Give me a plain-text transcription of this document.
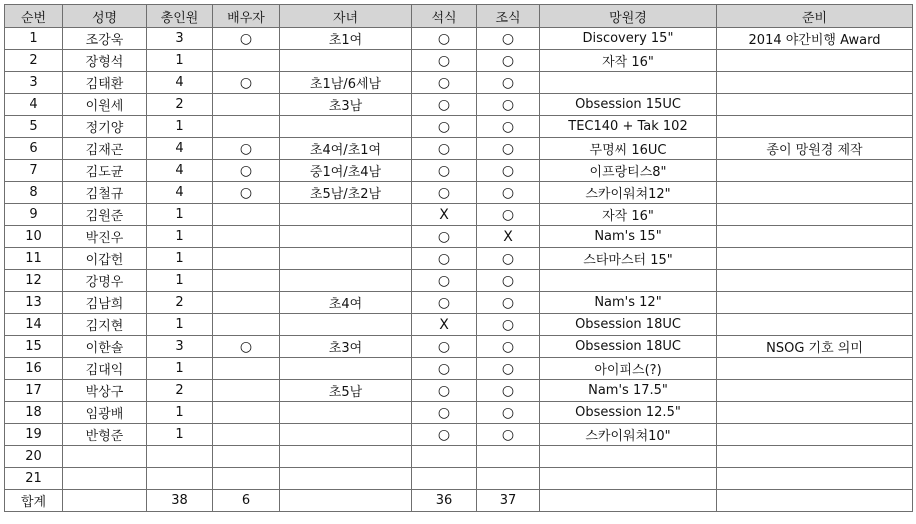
순번	성명	총인원	배우자	자녀	석식	조식	망원경	준비
1	조강욱	3	○	초1여	○	○	Discovery 15"	2014 야간비행 Award
2	장형석	1			○	○	자작 16"	
3	김태환	4	○	초1남/6세남	○	○		
4	이원세	2		초3남	○	○	Obsession 15UC	
5	정기양	1			○	○	TEC140 + Tak 102	
6	김재곤	4	○	초4여/초1여	○	○	무명씨 16UC	종이 망원경 제작
7	김도균	4	○	중1여/초4남	○	○	이프랑티스8"	
8	김철규	4	○	초5남/초2남	○	○	스카이워쳐12"	
9	김원준	1			X	○	자작 16"	
10	박진우	1			○	X	Nam's 15"	
11	이갑헌	1			○	○	스타마스터 15"	
12	강명우	1			○	○		
13	김남희	2		초4여	○	○	Nam's 12"	
14	김지현	1			X	○	Obsession 18UC	
15	이한솔	3	○	초3여	○	○	Obsession 18UC	NSOG 기호 의미
16	김대익	1			○	○	아이피스(?)	
17	박상구	2		초5남	○	○	Nam's 17.5"	
18	임광배	1			○	○	Obsession 12.5"	
19	반형준	1			○	○	스카이워쳐10"	
20								
21								
합계		38	6		36	37		
